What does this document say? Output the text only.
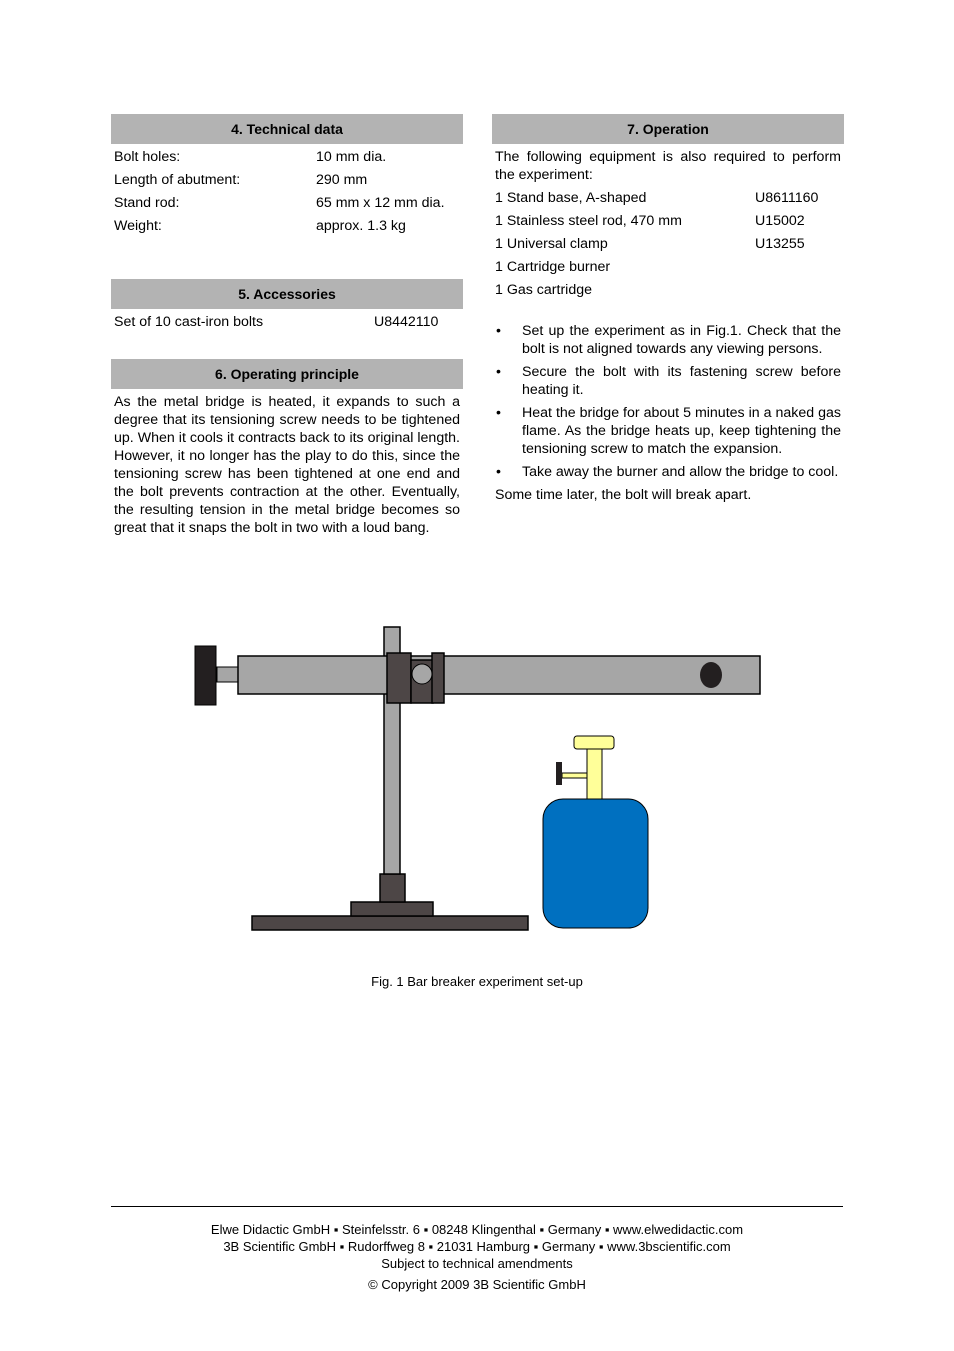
4. Technical data
Bolt holes:	10 mm dia.
Length of abutment:	290 mm
Stand rod:	65 mm x 12 mm dia.
Weight:	approx. 1.3 kg
5. Accessories
Set of 10 cast-iron bolts	U8442110
6. Operating principle
As the metal bridge is heated, it expands to such a degree that its tensioning screw needs to be tightened up. When it cools it contracts back to its original length. However, it no longer has the play to do this, since the tensioning screw has been tightened at one end and the bolt prevents contraction at the other. Eventually, the resulting tension in the metal bridge becomes so great that it snaps the bolt in two with a loud bang.
7. Operation
The following equipment is also required to perform the experiment:
1 Stand base, A-shaped	U8611160
1 Stainless steel rod, 470 mm	U15002
1 Universal clamp	U13255
1 Cartridge burner
1 Gas cartridge
• Set up the experiment as in Fig.1. Check that the bolt is not aligned towards any viewing persons.
• Secure the bolt with its fastening screw before heating it.
• Heat the bridge for about 5 minutes in a naked gas flame. As the bridge heats up, keep tightening the tensioning screw to match the expansion.
• Take away the burner and allow the bridge to cool.
Some time later, the bolt will break apart.
Fig. 1 Bar breaker experiment set-up
Elwe Didactic GmbH ▪ Steinfelsstr. 6 ▪ 08248 Klingenthal ▪ Germany ▪ www.elwedidactic.com
3B Scientific GmbH ▪ Rudorffweg 8 ▪ 21031 Hamburg ▪ Germany ▪ www.3bscientific.com
Subject to technical amendments
© Copyright 2009 3B Scientific GmbH
